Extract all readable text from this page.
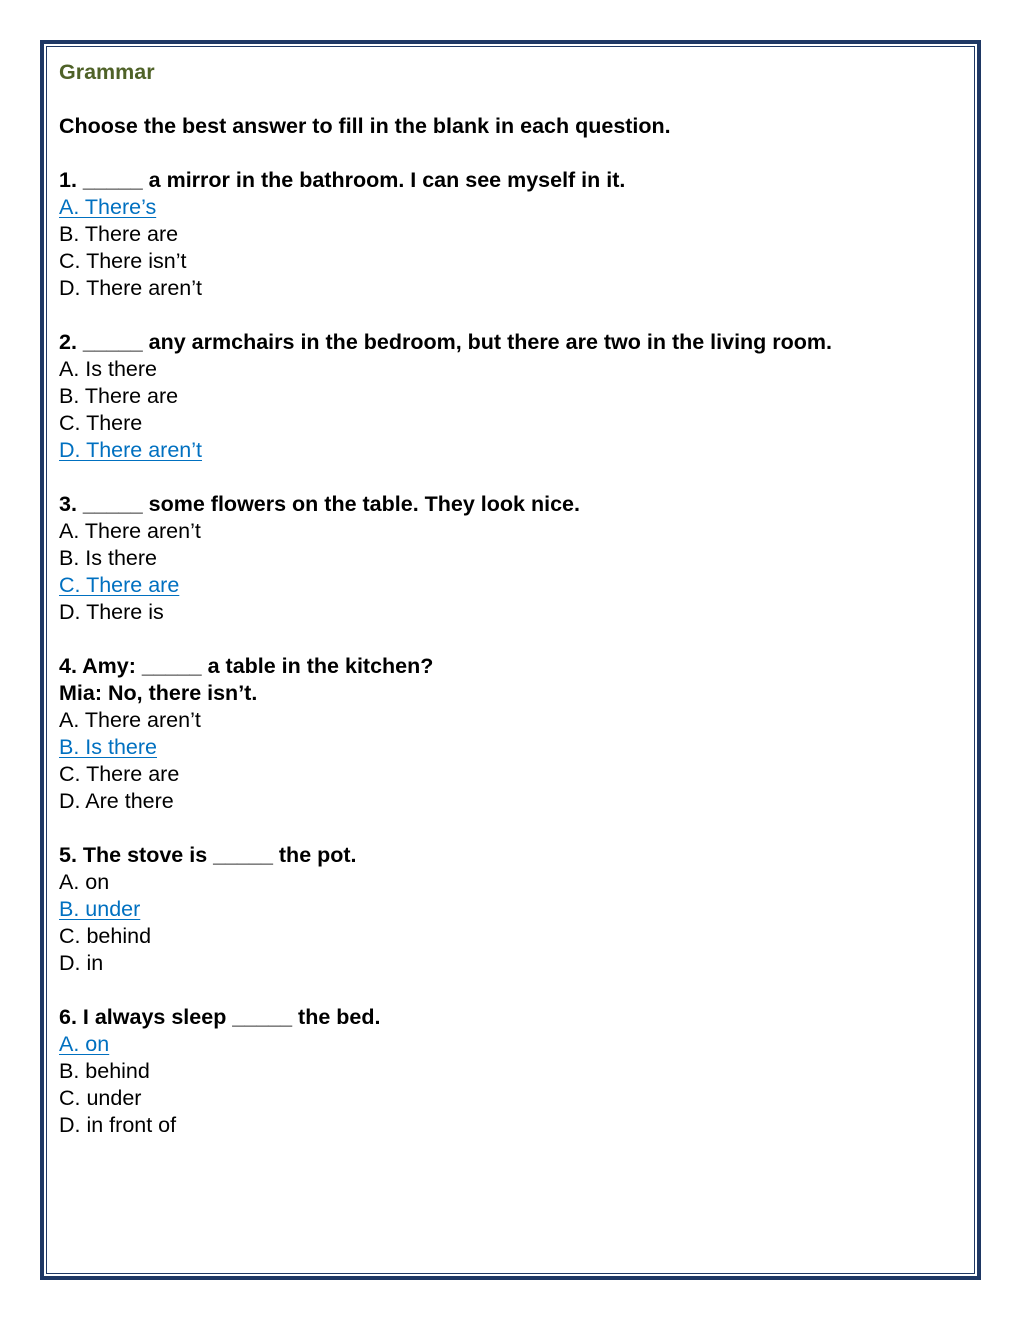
Grammar

Choose the best answer to fill in the blank in each question.

1. _____ a mirror in the bathroom. I can see myself in it.

A. There’s

B. There are

C. There isn’t

D. There aren’t

2. _____ any armchairs in the bedroom, but there are two in the living room.

A. Is there

B. There are

C. There

D. There aren’t

3. _____ some flowers on the table. They look nice.

A. There aren’t

B. Is there

C. There are

D. There is

4. Amy: _____ a table in the kitchen?

Mia: No, there isn’t.

A. There aren’t

B. Is there

C. There are

D. Are there

5. The stove is _____ the pot.

A. on

B. under

C. behind

D. in

6. I always sleep _____ the bed.

A. on

B. behind

C. under

D. in front of
